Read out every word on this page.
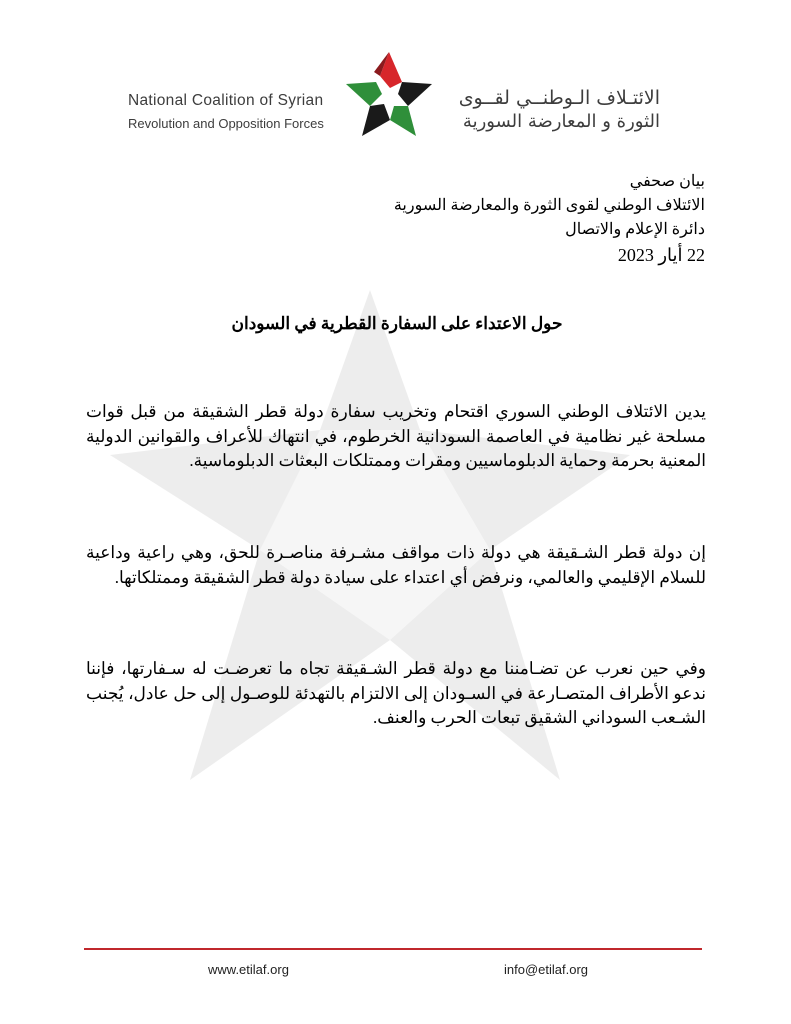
National Coalition of Syrian
Revolution and Opposition Forces
الائتـلاف الـوطنــي لقــوى
الثورة و المعارضة السورية
بيان صحفي
الائتلاف الوطني لقوى الثورة والمعارضة السورية
دائرة الإعلام والاتصال
22 أيار 2023
حول الاعتداء على السفارة القطرية في السودان
يدين الائتلاف الوطني السوري اقتحام وتخريب سفارة دولة قطر الشقيقة من قبل قوات مسلحة غير نظامية في العاصمة السودانية الخرطوم، في انتهاك للأعراف والقوانين الدولية المعنية بحرمة وحماية الدبلوماسيين ومقرات وممتلكات البعثات الدبلوماسية.
إن دولة قطر الشـقيقة هي دولة ذات مواقف مشـرفة مناصـرة للحق، وهي راعية وداعية للسلام الإقليمي والعالمي، ونرفض أي اعتداء على سيادة دولة قطر الشقيقة وممتلكاتها.
وفي حين نعرب عن تضـامننا مع دولة قطر الشـقيقة تجاه ما تعرضـت له سـفارتها، فإننا ندعو الأطراف المتصـارعة في السـودان إلى الالتزام بالتهدئة للوصـول إلى حل عادل، يُجنب الشـعب السوداني الشقيق تبعات الحرب والعنف.
www.etilaf.org	info@etilaf.org
